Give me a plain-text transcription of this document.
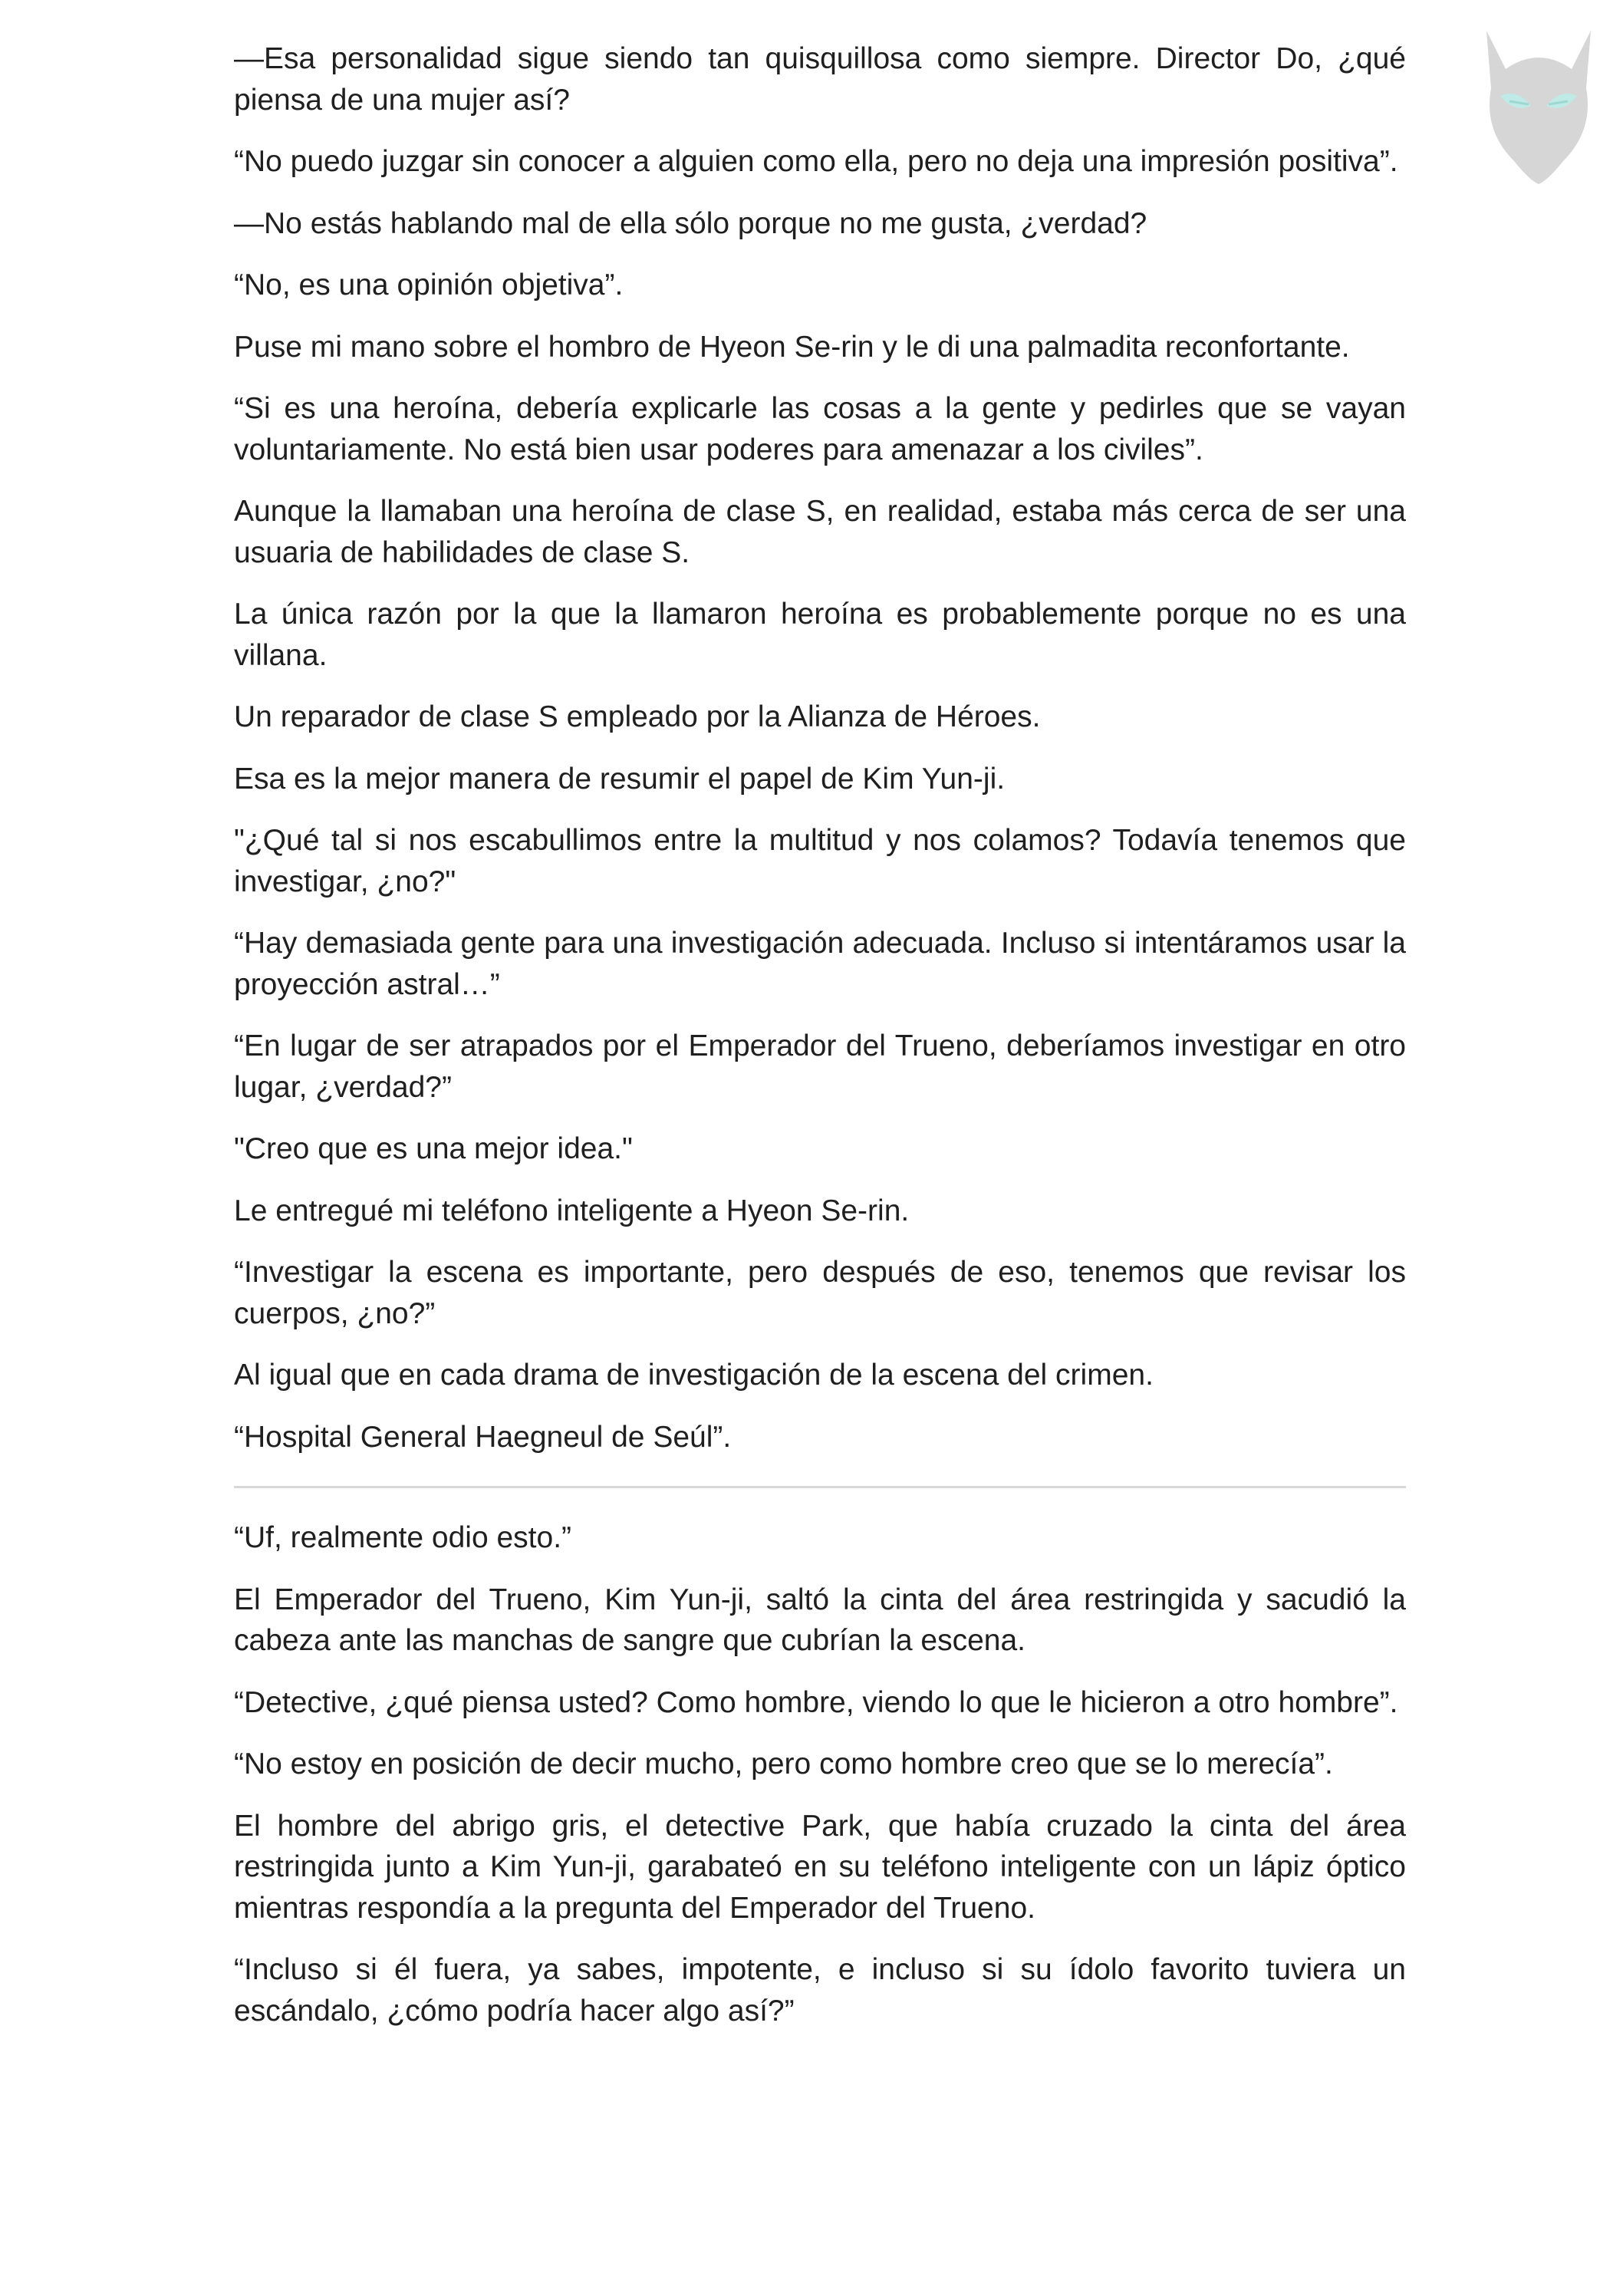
—Esa personalidad sigue siendo tan quisquillosa como siempre. Director Do, ¿qué piensa de una mujer así?

“No puedo juzgar sin conocer a alguien como ella, pero no deja una impresión positiva”.

—No estás hablando mal de ella sólo porque no me gusta, ¿verdad?

“No, es una opinión objetiva”.

Puse mi mano sobre el hombro de Hyeon Se-rin y le di una palmadita reconfortante.

“Si es una heroína, debería explicarle las cosas a la gente y pedirles que se vayan voluntariamente. No está bien usar poderes para amenazar a los civiles”.

Aunque la llamaban una heroína de clase S, en realidad, estaba más cerca de ser una usuaria de habilidades de clase S.

La única razón por la que la llamaron heroína es probablemente porque no es una villana.

Un reparador de clase S empleado por la Alianza de Héroes.

Esa es la mejor manera de resumir el papel de Kim Yun-ji.

"¿Qué tal si nos escabullimos entre la multitud y nos colamos? Todavía tenemos que investigar, ¿no?"

“Hay demasiada gente para una investigación adecuada. Incluso si intentáramos usar la proyección astral…”

“En lugar de ser atrapados por el Emperador del Trueno, deberíamos investigar en otro lugar, ¿verdad?”

"Creo que es una mejor idea."

Le entregué mi teléfono inteligente a Hyeon Se-rin.

“Investigar la escena es importante, pero después de eso, tenemos que revisar los cuerpos, ¿no?”

Al igual que en cada drama de investigación de la escena del crimen.

“Hospital General Haegneul de Seúl”.

“Uf, realmente odio esto.”

El Emperador del Trueno, Kim Yun-ji, saltó la cinta del área restringida y sacudió la cabeza ante las manchas de sangre que cubrían la escena.

“Detective, ¿qué piensa usted? Como hombre, viendo lo que le hicieron a otro hombre”.

“No estoy en posición de decir mucho, pero como hombre creo que se lo merecía”.

El hombre del abrigo gris, el detective Park, que había cruzado la cinta del área restringida junto a Kim Yun-ji, garabateó en su teléfono inteligente con un lápiz óptico mientras respondía a la pregunta del Emperador del Trueno.

“Incluso si él fuera, ya sabes, impotente, e incluso si su ídolo favorito tuviera un escándalo, ¿cómo podría hacer algo así?”
